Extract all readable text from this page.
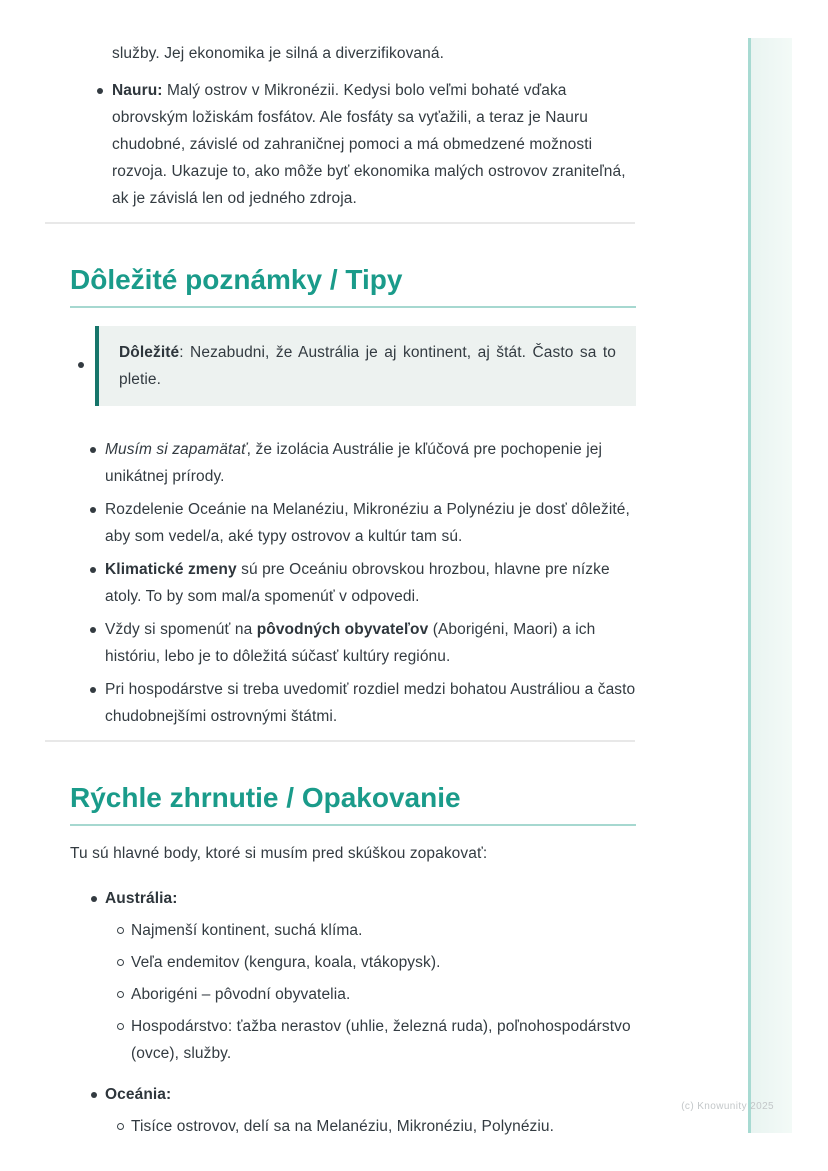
služby. Jej ekonomika je silná a diverzifikovaná.

Nauru: Malý ostrov v Mikronézii. Kedysi bolo veľmi bohaté vďaka obrovským ložiskám fosfátov. Ale fosfáty sa vyťažili, a teraz je Nauru chudobné, závislé od zahraničnej pomoci a má obmedzené možnosti rozvoja. Ukazuje to, ako môže byť ekonomika malých ostrovov zraniteľná, ak je závislá len od jedného zdroja.
Dôležité poznámky / Tipy
Dôležité: Nezabudni, že Austrália je aj kontinent, aj štát. Často sa to pletie.
Musím si zapamätať, že izolácia Austrálie je kľúčová pre pochopenie jej unikátnej prírody.
Rozdelenie Oceánie na Melanéziu, Mikronéziu a Polynéziu je dosť dôležité, aby som vedel/a, aké typy ostrovov a kultúr tam sú.
Klimatické zmeny sú pre Oceániu obrovskou hrozbou, hlavne pre nízke atoly. To by som mal/a spomenúť v odpovedi.
Vždy si spomenúť na pôvodných obyvateľov (Aborigéni, Maori) a ich históriu, lebo je to dôležitá súčasť kultúry regiónu.
Pri hospodárstve si treba uvedomiť rozdiel medzi bohatou Austráliou a často chudobnejšími ostrovnými štátmi.
Rýchle zhrnutie / Opakovanie

Tu sú hlavné body, ktoré si musím pred skúškou zopakovať:

Austrália:
Najmenší kontinent, suchá klíma.
Veľa endemitov (kengura, koala, vtákopysk).
Aborigéni – pôvodní obyvatelia.
Hospodárstvo: ťažba nerastov (uhlie, železná ruda), poľnohospodárstvo (ovce), služby.
Oceánia:
Tisíce ostrovov, delí sa na Melanéziu, Mikronéziu, Polynéziu.
(c) Knowunity 2025
